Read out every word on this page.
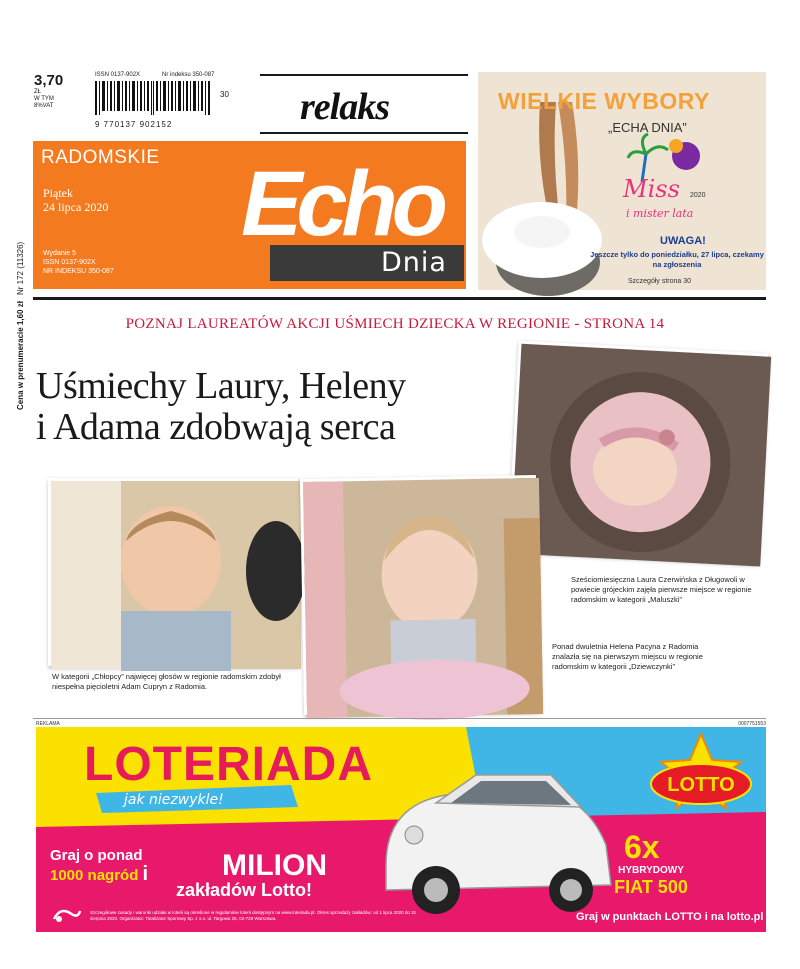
Nr 172 (11326)
Cena w prenumeracie 1,60 zł
3,70
ZŁ
W TYM
8%VAT
ISSN 0137-902X	Nr indeksu 350-087
9 770137 902152
30 relaks
RADOMSKIE
Piątek
24 lipca 2020
Wydanie 5
ISSN 0137-902X
NR INDEKSU 350-087
Echo
Dnia
WIELKIE WYBORY
„ECHA DNIA”
Miss 2020
i mister lata
UWAGA!
Jeszcze tylko do poniedziałku, 27 lipca, czekamy na zgłoszenia
Szczegóły strona 30
POZNAJ LAUREATÓW AKCJI UŚMIECH DZIECKA W REGIONIE - STRONA 14
Uśmiechy Laury, Heleny
i Adama zdobwają serca
W kategorii „Chłopcy” najwięcej głosów w regionie radomskim zdobył niespełna pięcioletni Adam Cupryn z Radomia.
Sześciomiesięczna Laura Czerwińska z Długowoli w powiecie grójeckim zajęła pierwsze miejsce w regionie radomskim w kategorii „Maluszki”
Ponad dwuletnia Helena Pacyna z Radomia znalazła się na pierwszym miejscu w regionie radomskim w kategorii „Dziewczynki”
REKLAMA	0007751553
LOTERIADA
jak niezwykle!
LOTTO
Graj o ponad
1000 nagród i MILION
zakładów Lotto!
6x
HYBRYDOWY
FIAT 500
Graj w punktach LOTTO i na lotto.pl
Szczegółowe zasady i warunki udziału w loterii są określone w regulaminie loterii dostępnym na www.loteriada.pl. Okres sprzedaży zakładów: od 1 lipca 2020 do 31 sierpnia 2020. Organizator: Totalizator Sportowy Sp. z o.o. ul. Targowa 25, 03-728 Warszawa.
